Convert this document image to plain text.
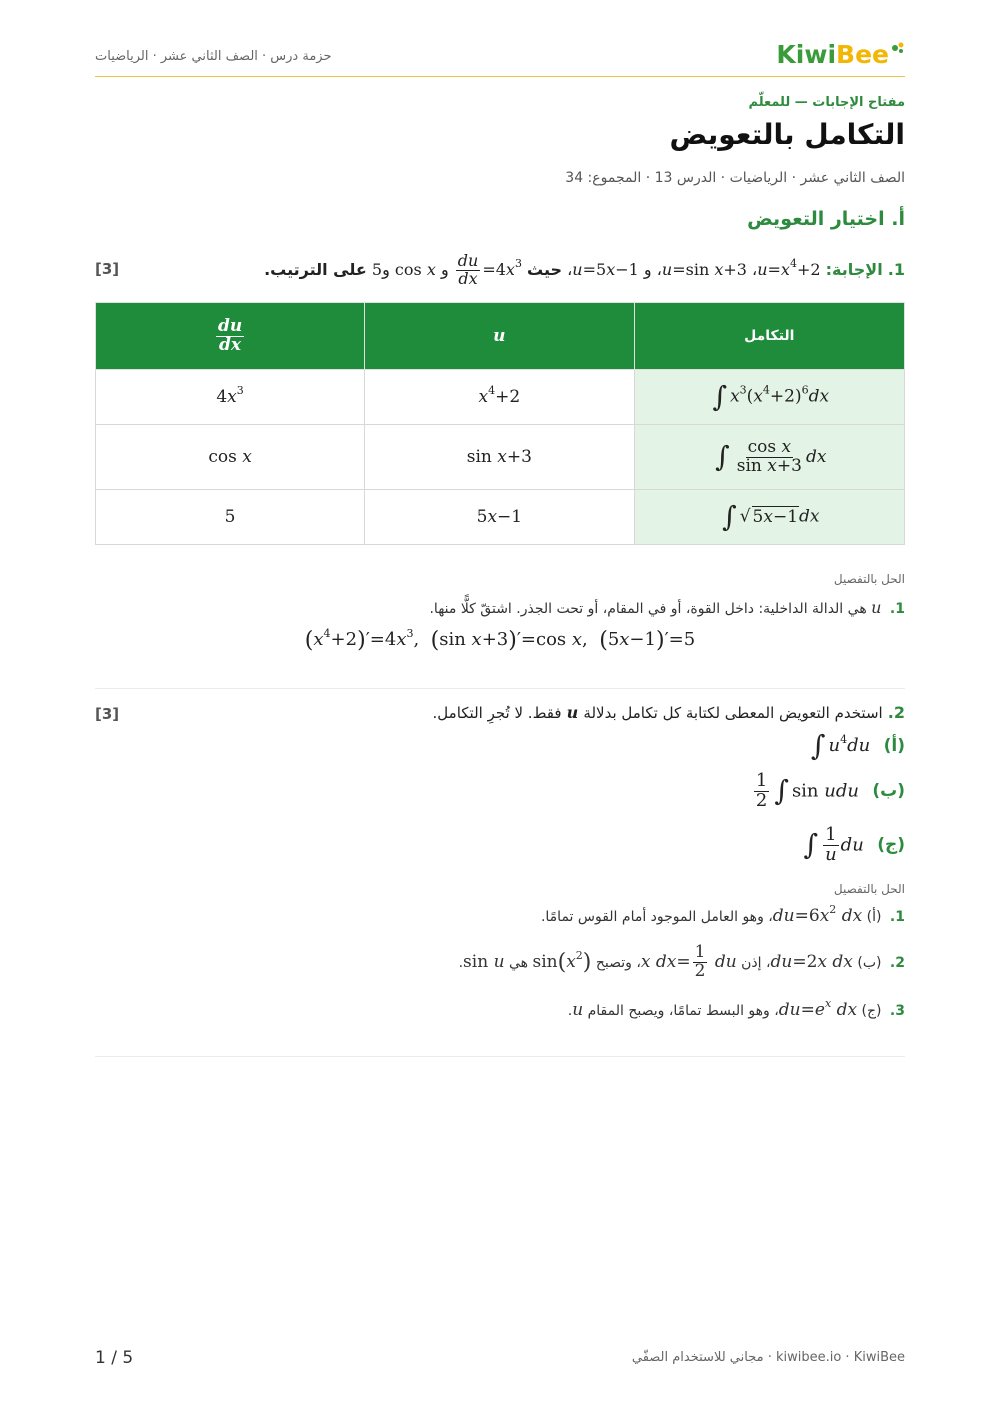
KiwiBee
حزمة درس · الصف الثاني عشر · الرياضيات
مفتاح الإجابات — للمعلّم
التكامل بالتعويض
الصف الثاني عشر · الرياضيات · الدرس 13 · المجموع: 34
أ. اختيار التعويض
1. الإجابة: $u=x^4+2،$ u=sin x+3، و u=5x−1، حيث
$\frac{du}{dx} =4x^3$ و cos x و5 على الترتيب.
[3]
التكامل	u	$\frac{du}{dx}$

∫ $x^3(x^4+2)^6dx$	$x^4+2$	$4x^3$
∫ $\frac{\text{cos x}}{\text{sin x+3}}$ dx	sin x+3	cos x
∫ √ 5x−1dx	5x−1	5
الحل بالتفصيل
1. u هي الدالة الداخلية: داخل القوة، أو في المقام، أو تحت الجذر. اشتقّ كلًّا منها.
$(x^4+2)'=4x^3$,  (sin x+3)′=cos x,  (5x−1)′=5
2. استخدم التعويض المعطى لكتابة كل تكامل بدلالة u فقط. لا تُجرِ التكامل.
[3]
(أ) ∫ $u^4du$
(ب)
$\frac{1}{2}$ ∫ sin udu
(ج) ∫ $\frac{1}{u}$ du
الحل بالتفصيل
1. (أ) $du=6x^2$ dx، وهو العامل الموجود أمام القوس تمامًا.
2. (ب) du=2x dx، إذن x $dx= \frac{1}{2}$ du، وتصبح $\sin(x^2)$ هي sin u.
3. (ج) $du=e^x$ dx، وهو البسط تمامًا، ويصبح المقام u.
1 / 5	kiwibee.io · KiwiBee · مجاني للاستخدام الصفّي
